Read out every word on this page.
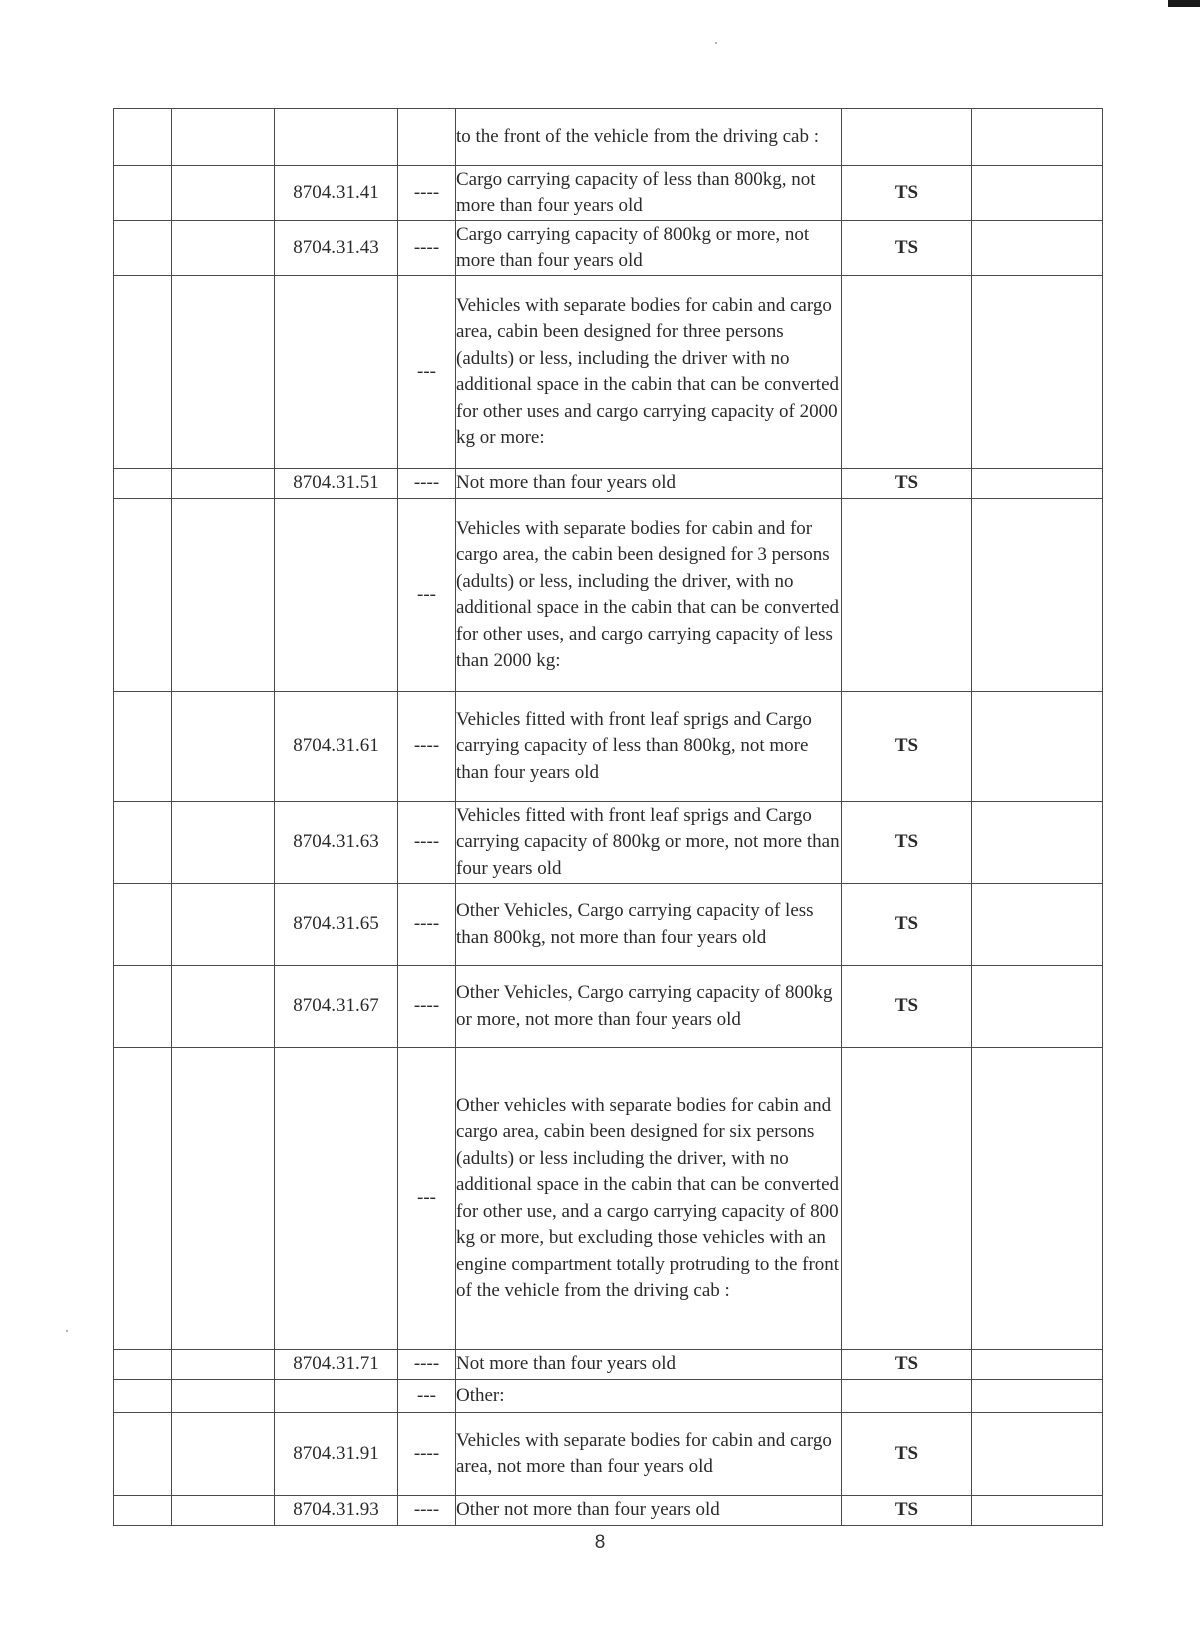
				to the front of the vehicle from the driving cab :		
		8704.31.41	----	Cargo carrying capacity of less than 800kg, not more than four years old	TS	
		8704.31.43	----	Cargo carrying capacity of 800kg or more, not more than four years old	TS	
			---	Vehicles with separate bodies for cabin and cargo area, cabin been designed for three persons (adults) or less, including the driver with no additional space in the cabin that can be converted for other uses and cargo carrying capacity of 2000 kg or more:		
		8704.31.51	----	Not more than four years old	TS	
			---	Vehicles with separate bodies for cabin and for cargo area, the cabin been designed for 3 persons (adults) or less, including the driver, with no additional space in the cabin that can be converted for other uses, and cargo carrying capacity of less than 2000 kg:		
		8704.31.61	----	Vehicles fitted with front leaf sprigs and Cargo carrying capacity of less than 800kg, not more than four years old	TS	
		8704.31.63	----	Vehicles fitted with front leaf sprigs and Cargo carrying capacity of 800kg or more, not more than four years old	TS	
		8704.31.65	----	Other Vehicles, Cargo carrying capacity of less than 800kg, not more than four years old	TS	
		8704.31.67	----	Other Vehicles, Cargo carrying capacity of 800kg or more, not more than four years old	TS	
			---	Other vehicles with separate bodies for cabin and cargo area, cabin been designed for six persons (adults) or less including the driver, with no additional space in the cabin that can be converted for other use, and a cargo carrying capacity of 800 kg or more, but excluding those vehicles with an engine compartment totally protruding to the front of the vehicle from the driving cab :		
		8704.31.71	----	Not more than four years old	TS	
			---	Other:		
		8704.31.91	----	Vehicles with separate bodies for cabin and cargo area, not more than four years old	TS	
		8704.31.93	----	Other not more than four years old	TS	
8
